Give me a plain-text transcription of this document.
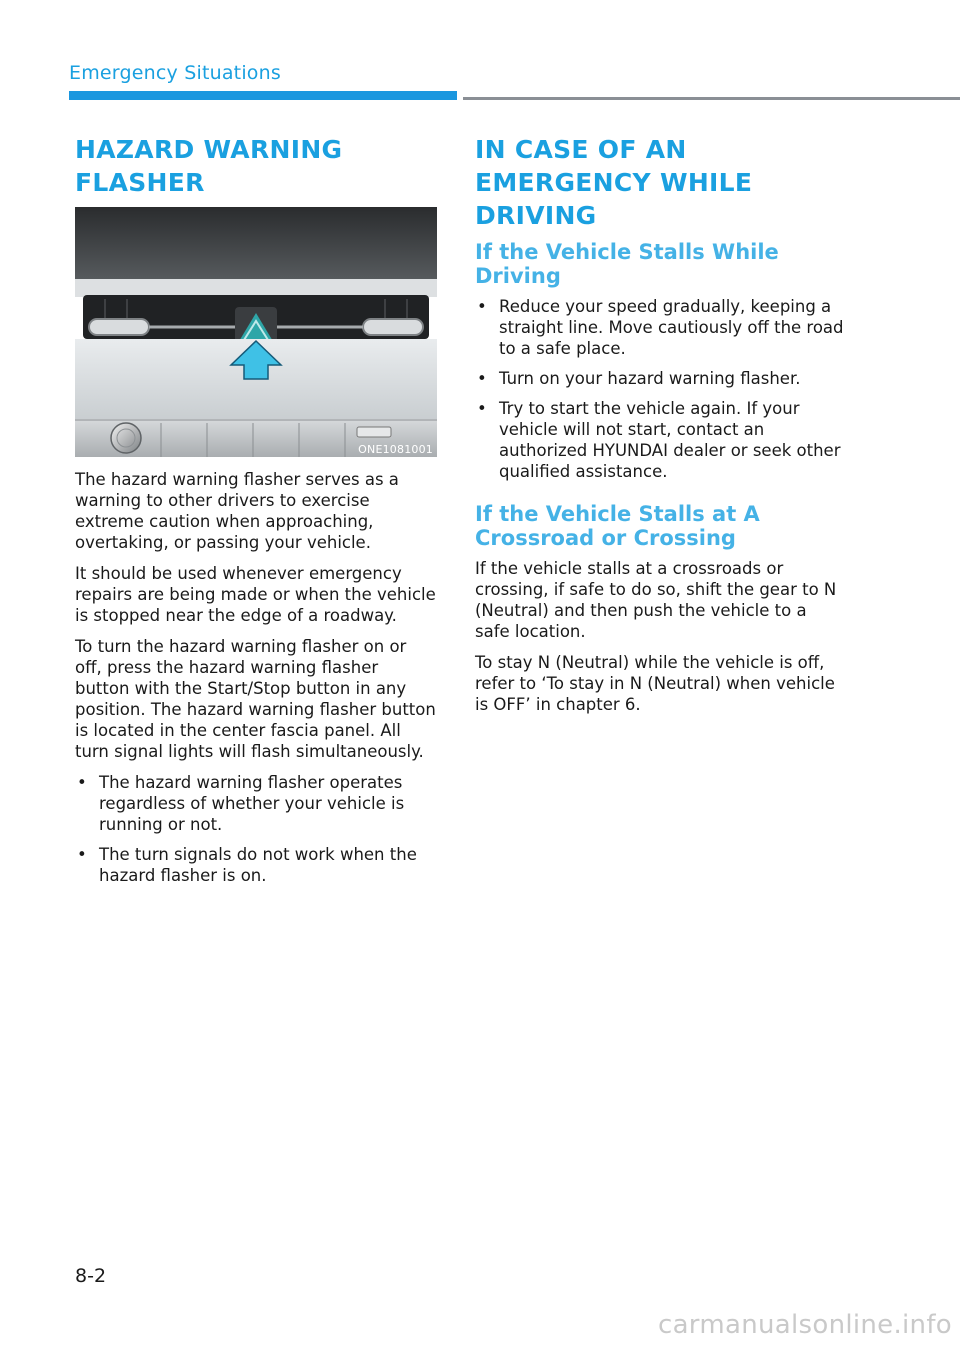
Emergency Situations
HAZARD WARNING FLASHER
ONE1081001

The hazard warning flasher serves as a warning to other drivers to exercise extreme caution when approaching, overtaking, or passing your vehicle.

It should be used whenever emergency repairs are being made or when the vehicle is stopped near the edge of a roadway.

To turn the hazard warning flasher on or off, press the hazard warning flasher button with the Start/Stop button in any position. The hazard warning flasher button is located in the center fascia panel. All turn signal lights will flash simultaneously.

• The hazard warning flasher operates regardless of whether your vehicle is running or not.
• The turn signals do not work when the hazard flasher is on.
IN CASE OF AN EMERGENCY WHILE DRIVING
If the Vehicle Stalls While Driving
• Reduce your speed gradually, keeping a straight line. Move cautiously off the road to a safe place.
• Turn on your hazard warning flasher.
• Try to start the vehicle again. If your vehicle will not start, contact an authorized HYUNDAI dealer or seek other qualified assistance.
If the Vehicle Stalls at A Crossroad or Crossing

If the vehicle stalls at a crossroads or crossing, if safe to do so, shift the gear to N (Neutral) and then push the vehicle to a safe location.

To stay N (Neutral) while the vehicle is off, refer to ‘To stay in N (Neutral) when vehicle is OFF’ in chapter 6.

8-2
carmanualsonline.info
